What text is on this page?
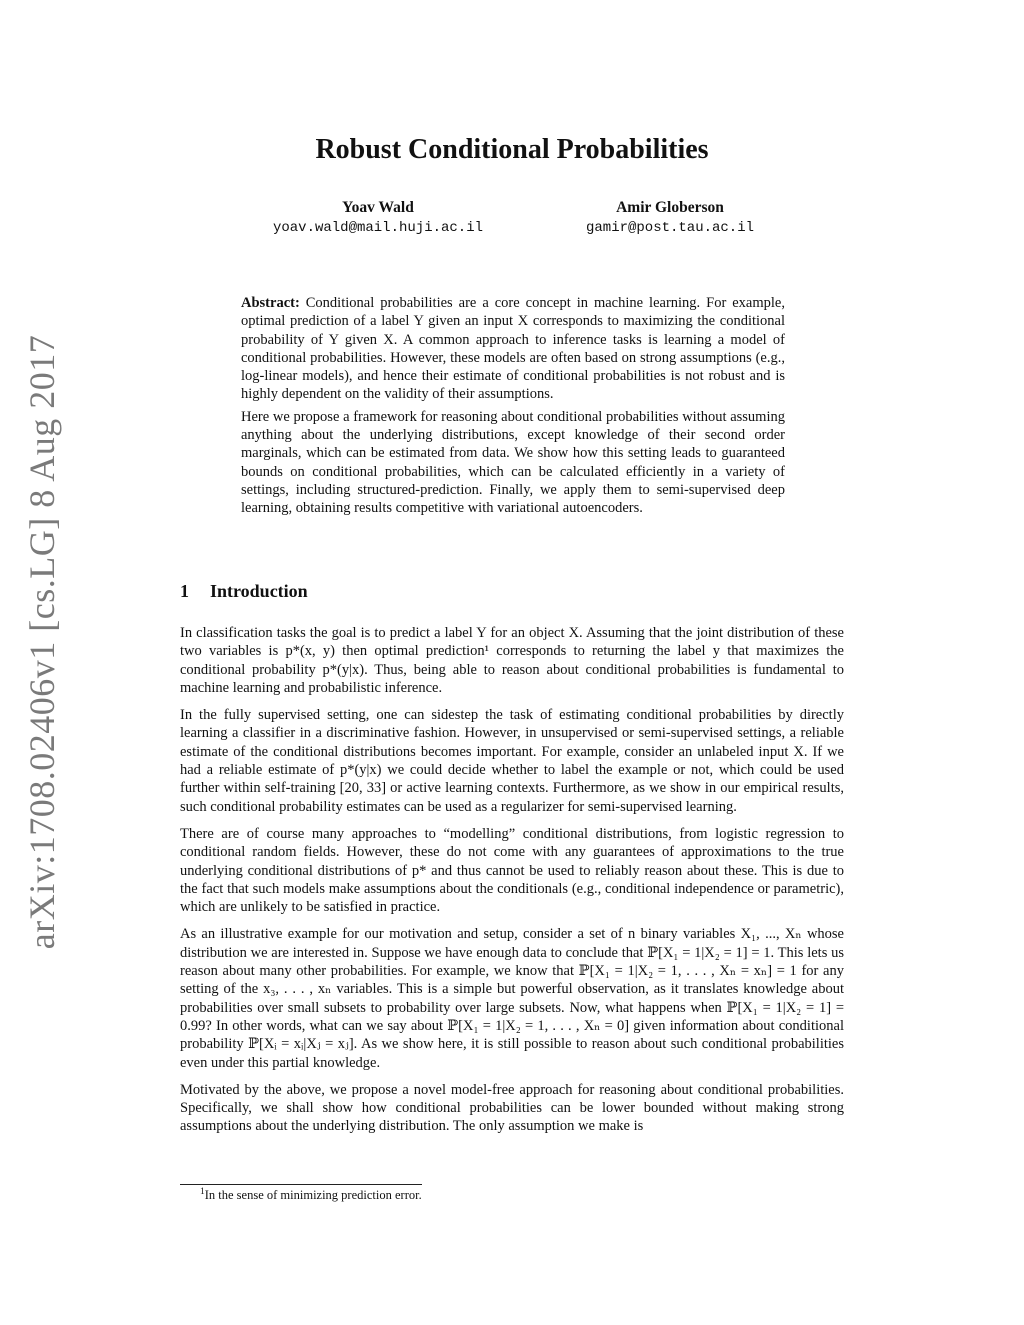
arXiv:1708.02406v1 [cs.LG] 8 Aug 2017
Robust Conditional Probabilities
Yoav Wald
yoav.wald@mail.huji.ac.il
Amir Globerson
gamir@post.tau.ac.il

Abstract: Conditional probabilities are a core concept in machine learning. For example, optimal prediction of a label Y given an input X corresponds to maximizing the conditional probability of Y given X. A common approach to inference tasks is learning a model of conditional probabilities. However, these models are often based on strong assumptions (e.g., log-linear models), and hence their estimate of conditional probabilities is not robust and is highly dependent on the validity of their assumptions.

Here we propose a framework for reasoning about conditional probabilities without assuming anything about the underlying distributions, except knowledge of their second order marginals, which can be estimated from data. We show how this setting leads to guaranteed bounds on conditional probabilities, which can be calculated efficiently in a variety of settings, including structured-prediction. Finally, we apply them to semi-supervised deep learning, obtaining results competitive with variational autoencoders.

1 Introduction

In classification tasks the goal is to predict a label Y for an object X. Assuming that the joint distribution of these two variables is p*(x, y) then optimal prediction¹ corresponds to returning the label y that maximizes the conditional probability p*(y|x). Thus, being able to reason about conditional probabilities is fundamental to machine learning and probabilistic inference.

In the fully supervised setting, one can sidestep the task of estimating conditional probabilities by directly learning a classifier in a discriminative fashion. However, in unsupervised or semi-supervised settings, a reliable estimate of the conditional distributions becomes important. For example, consider an unlabeled input X. If we had a reliable estimate of p*(y|x) we could decide whether to label the example or not, which could be used further within self-training [20, 33] or active learning contexts. Furthermore, as we show in our empirical results, such conditional probability estimates can be used as a regularizer for semi-supervised learning.

There are of course many approaches to “modelling” conditional distributions, from logistic regression to conditional random fields. However, these do not come with any guarantees of approximations to the true underlying conditional distributions of p* and thus cannot be used to reliably reason about these. This is due to the fact that such models make assumptions about the conditionals (e.g., conditional independence or parametric), which are unlikely to be satisfied in practice.

As an illustrative example for our motivation and setup, consider a set of n binary variables X₁, ..., Xₙ whose distribution we are interested in. Suppose we have enough data to conclude that ℙ[X₁ = 1|X₂ = 1] = 1. This lets us reason about many other probabilities. For example, we know that ℙ[X₁ = 1|X₂ = 1, . . . , Xₙ = xₙ] = 1 for any setting of the x₃, . . . , xₙ variables. This is a simple but powerful observation, as it translates knowledge about probabilities over small subsets to probability over large subsets. Now, what happens when ℙ[X₁ = 1|X₂ = 1] = 0.99? In other words, what can we say about ℙ[X₁ = 1|X₂ = 1, . . . , Xₙ = 0] given information about conditional probability ℙ[Xᵢ = xᵢ|Xⱼ = xⱼ]. As we show here, it is still possible to reason about such conditional probabilities even under this partial knowledge.

Motivated by the above, we propose a novel model-free approach for reasoning about conditional probabilities. Specifically, we shall show how conditional probabilities can be lower bounded without making strong assumptions about the underlying distribution. The only assumption we make is

$^1$In the sense of minimizing prediction error.
